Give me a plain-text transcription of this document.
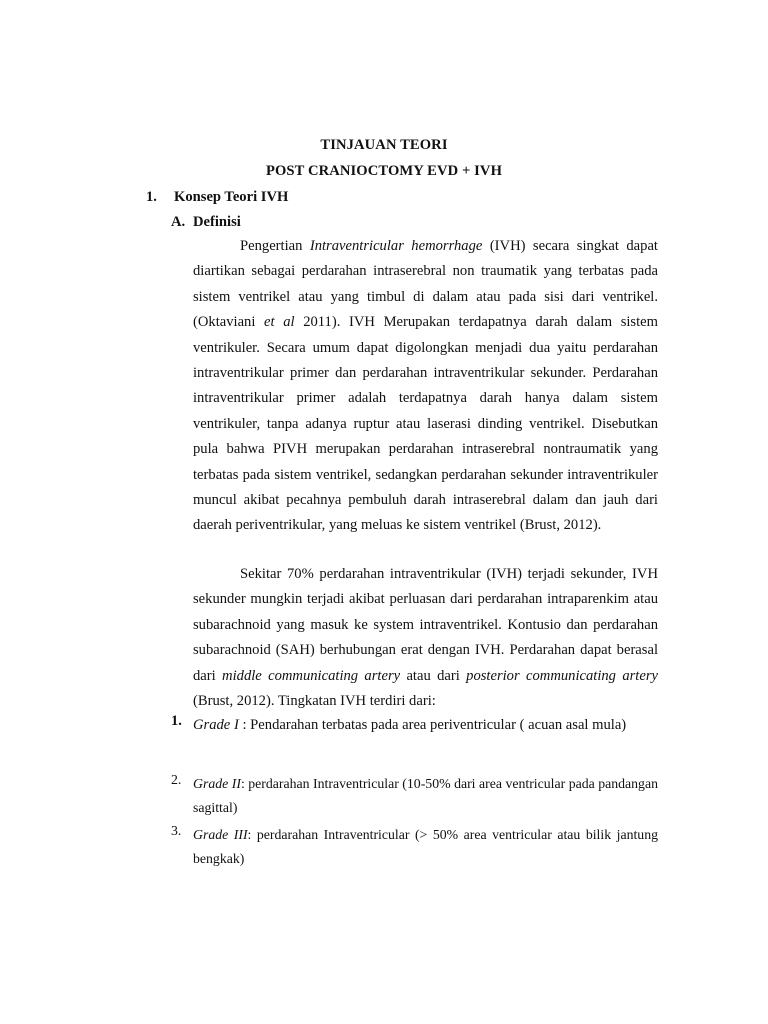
TINJAUAN TEORI
POST CRANIOCTOMY EVD + IVH
1. Konsep Teori IVH
A. Definisi

Pengertian Intraventricular hemorrhage (IVH) secara singkat dapat diartikan sebagai perdarahan intraserebral non traumatik yang terbatas pada sistem ventrikel atau yang timbul di dalam atau pada sisi dari ventrikel. (Oktaviani et al 2011). IVH Merupakan terdapatnya darah dalam sistem ventrikuler. Secara umum dapat digolongkan menjadi dua yaitu perdarahan intraventrikular primer dan perdarahan intraventrikular sekunder. Perdarahan intraventrikular primer adalah terdapatnya darah hanya dalam sistem ventrikuler, tanpa adanya ruptur atau laserasi dinding ventrikel. Disebutkan pula bahwa PIVH merupakan perdarahan intraserebral nontraumatik yang terbatas pada sistem ventrikel, sedangkan perdarahan sekunder intraventrikuler muncul akibat pecahnya pembuluh darah intraserebral dalam dan jauh dari daerah periventrikular, yang meluas ke sistem ventrikel (Brust, 2012).

Sekitar 70% perdarahan intraventrikular (IVH) terjadi sekunder, IVH sekunder mungkin terjadi akibat perluasan dari perdarahan intraparenkim atau subarachnoid yang masuk ke system intraventrikel. Kontusio dan perdarahan subarachnoid (SAH) berhubungan erat dengan IVH. Perdarahan dapat berasal dari middle communicating artery atau dari posterior communicating artery (Brust, 2012). Tingkatan IVH terdiri dari:

1. Grade I : Pendarahan terbatas pada area periventricular ( acuan asal mula)
2. Grade II: perdarahan Intraventricular (10-50% dari area ventricular pada pandangan sagittal)
3. Grade III: perdarahan Intraventricular (> 50% area ventricular atau bilik jantung bengkak)
